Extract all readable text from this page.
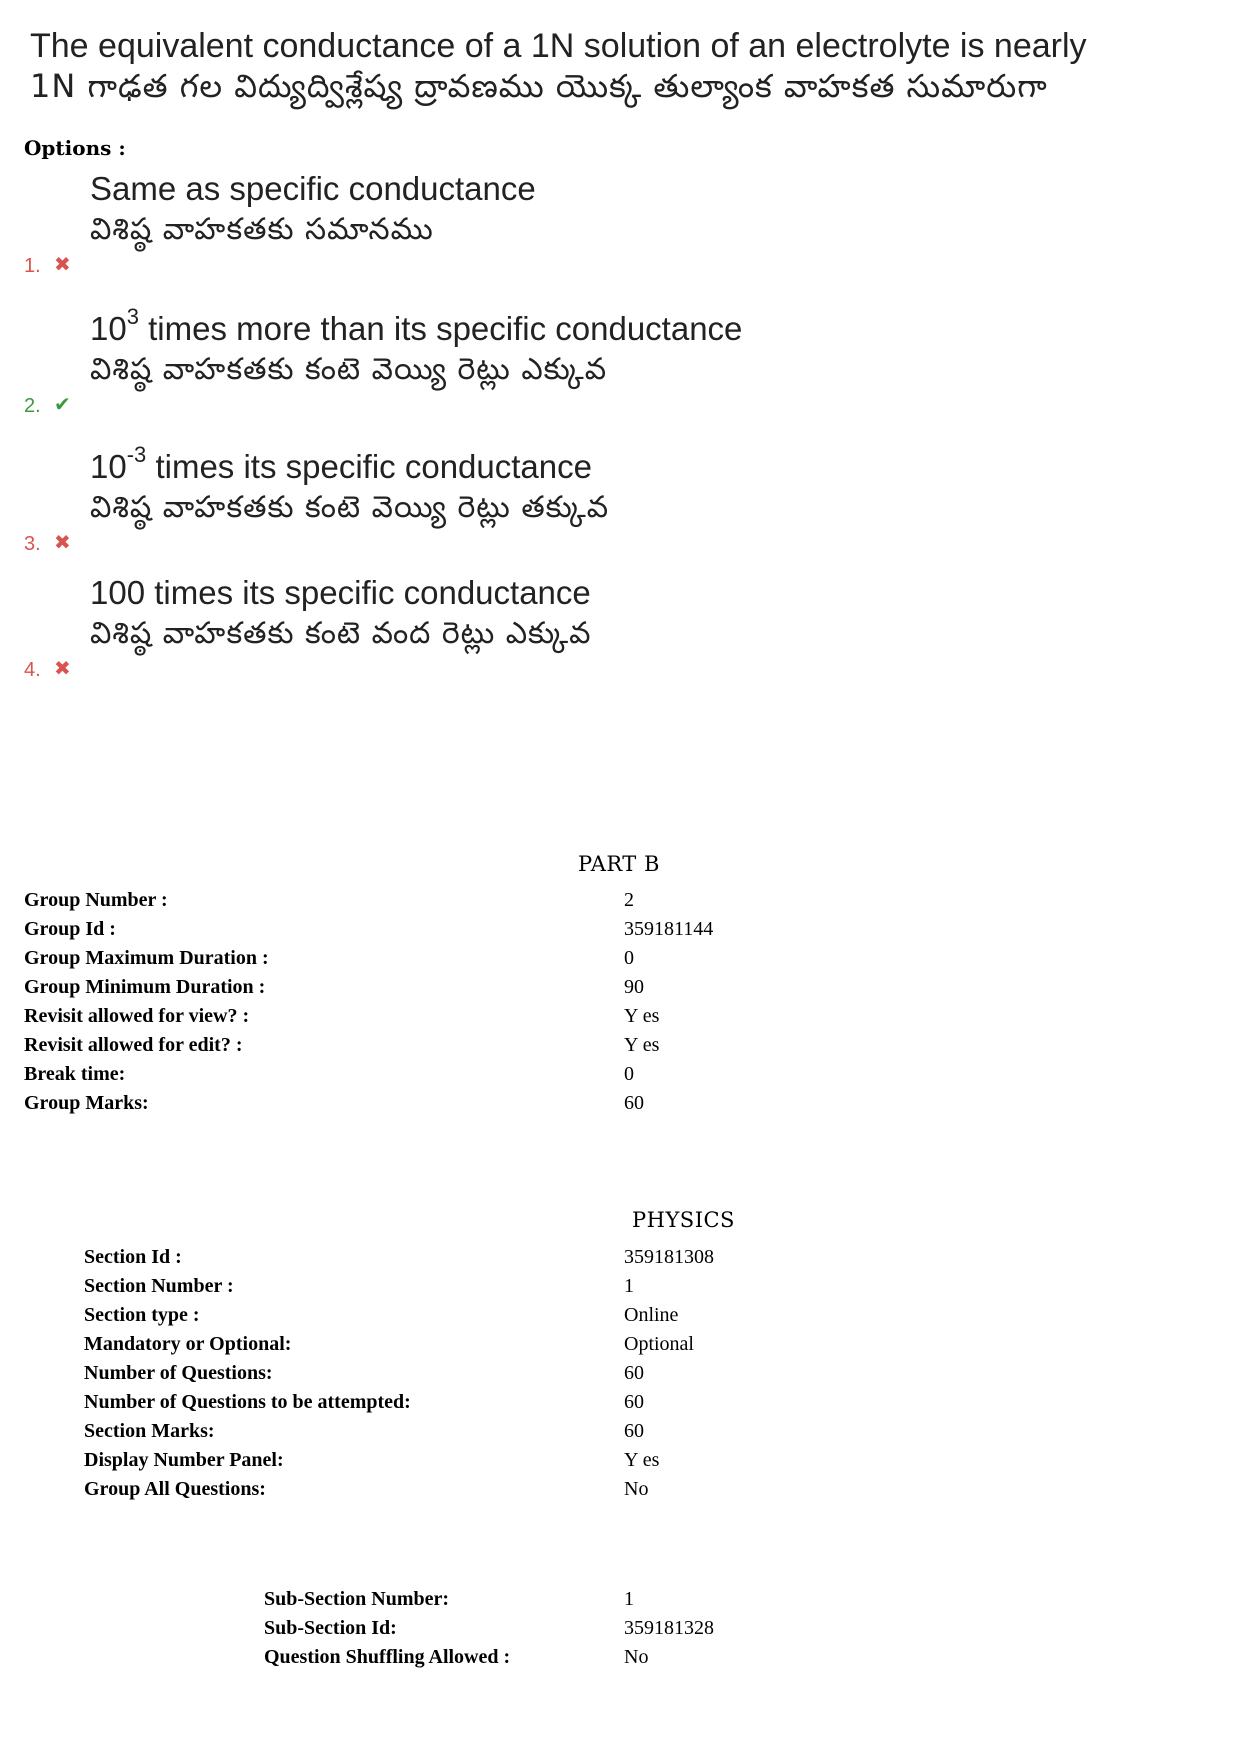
The equivalent conductance of a 1N solution of an electrolyte is nearly
1N గాఢత గల విద్యుద్విశ్లేష్య ద్రావణము యొక్క తుల్యాంక వాహకత సుమారుగా
Options :
Same as specific conductance
విశిష్ఠ వాహకతకు సమానము
1. ✖
$10^3$ times more than its specific conductance
విశిష్ఠ వాహకతకు కంటె వెయ్యి రెట్లు ఎక్కువ
2. ✔
$10^{-3}$ times its specific conductance
విశిష్ఠ వాహకతకు కంటె వెయ్యి రెట్లు తక్కువ
3. ✖
100 times its specific conductance
విశిష్ఠ వాహకతకు కంటె వంద రెట్లు ఎక్కువ
4. ✖
PART B
Group Number :	2
Group Id :	359181144
Group Maximum Duration :	0
Group Minimum Duration :	90
Revisit allowed for view? :	Y es
Revisit allowed for edit? :	Y es
Break time:	0
Group Marks:	60
PHYSICS
Section Id :	359181308
Section Number :	1
Section type :	Online
Mandatory or Optional:	Optional
Number of Questions:	60
Number of Questions to be attempted:	60
Section Marks:	60
Display Number Panel:	Y es
Group All Questions:	No
Sub-Section Number:	1
Sub-Section Id:	359181328
Question Shuffling Allowed :	No
